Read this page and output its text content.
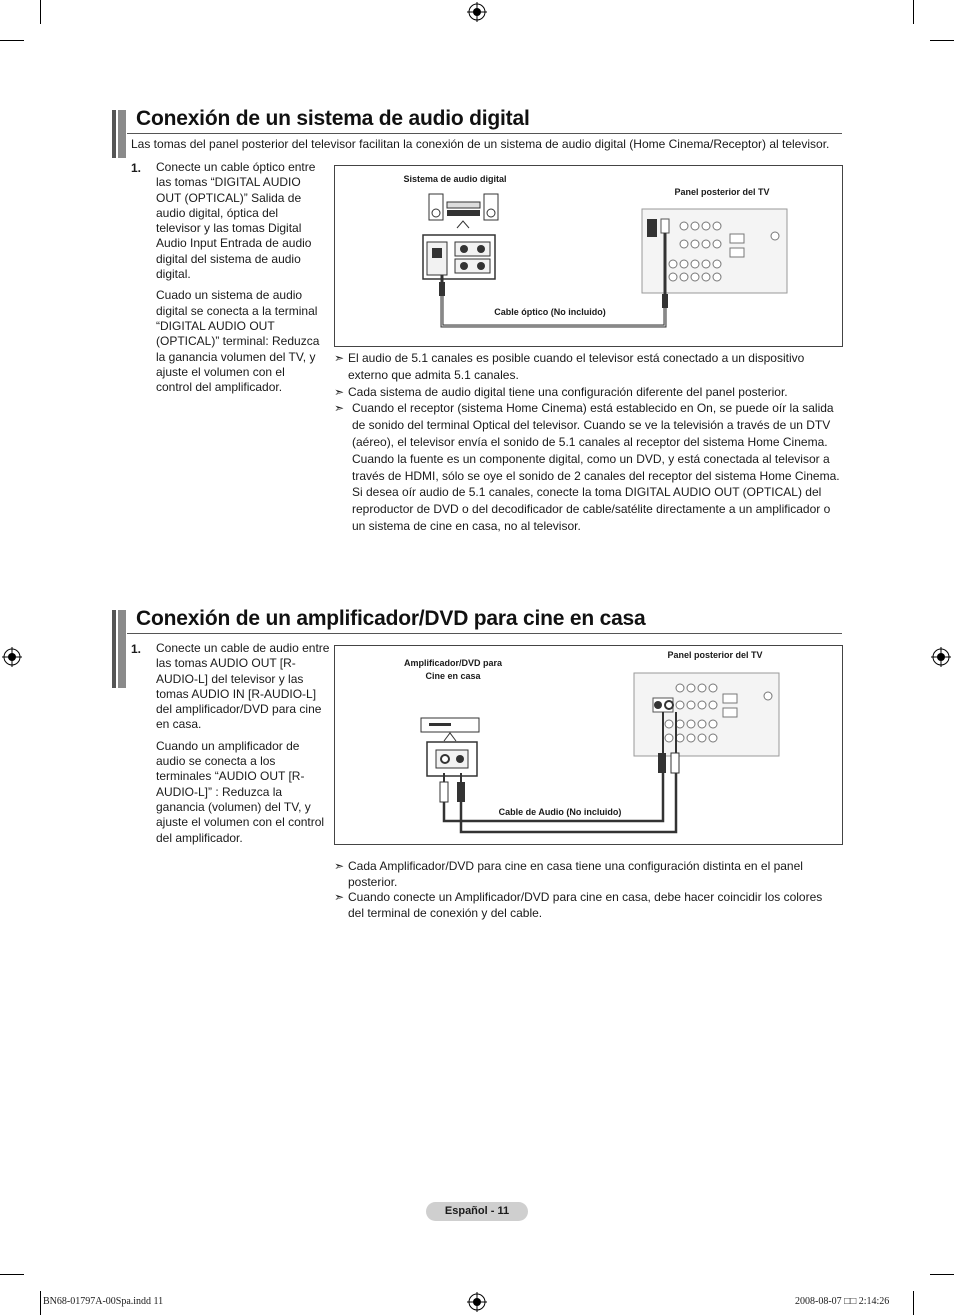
Conexión de un sistema de audio digital
Las tomas del panel posterior del televisor facilitan la conexión de un sistema de audio digital (Home Cinema/Receptor) al televisor.
1. Conecte un cable óptico entre las tomas “DIGITAL AUDIO OUT (OPTICAL)” Salida de audio digital, óptica del televisor y las tomas Digital Audio Input Entrada de audio digital del sistema de audio digital.

Cuado un sistema de audio digital se conecta a la terminal “DIGITAL AUDIO OUT (OPTICAL)” terminal: Reduzca la ganancia volumen del TV, y ajuste el volumen con el control del amplificador.

Sistema de audio digital
Panel posterior del TV
Cable óptico (No incluido)
➣ El audio de 5.1 canales es posible cuando el televisor está conectado a un dispositivo externo que admita 5.1 canales.
➣ Cada sistema de audio digital tiene una configuración diferente del panel posterior.
➣ Cuando el receptor (sistema Home Cinema) está establecido en On, se puede oír la salida de sonido del terminal Optical del televisor. Cuando se ve la televisión a través de un DTV (aéreo), el televisor envía el sonido de 5.1 canales al receptor del sistema Home Cinema. Cuando la fuente es un componente digital, como un DVD, y está conectada al televisor a través de HDMI, sólo se oye el sonido de 2 canales del receptor del sistema Home Cinema. Si desea oír audio de 5.1 canales, conecte la toma DIGITAL AUDIO OUT (OPTICAL) del reproductor de DVD o del decodificador de cable/satélite directamente a un amplificador o un sistema de cine en casa, no al televisor.
Conexión de un amplificador/DVD para cine en casa
1. Conecte un cable de audio entre las tomas AUDIO OUT [R-AUDIO-L] del televisor y las tomas AUDIO IN [R-AUDIO-L] del amplificador/DVD para cine en casa.

Cuando un amplificador de audio se conecta a los terminales “AUDIO OUT [R-AUDIO-L]” : Reduzca la ganancia (volumen) del TV, y ajuste el volumen con el control del amplificador.

Amplificador/DVD para
Cine en casa
Panel posterior del TV
Cable de Audio (No incluido)
➣ Cada Amplificador/DVD para cine en casa tiene una configuración distinta en el panel posterior.
➣ Cuando conecte un Amplificador/DVD para cine en casa, debe hacer coincidir los colores del terminal de conexión y del cable.
Español - 11
BN68-01797A-00Spa.indd 11	2008-08-07 □□ 2:14:26
